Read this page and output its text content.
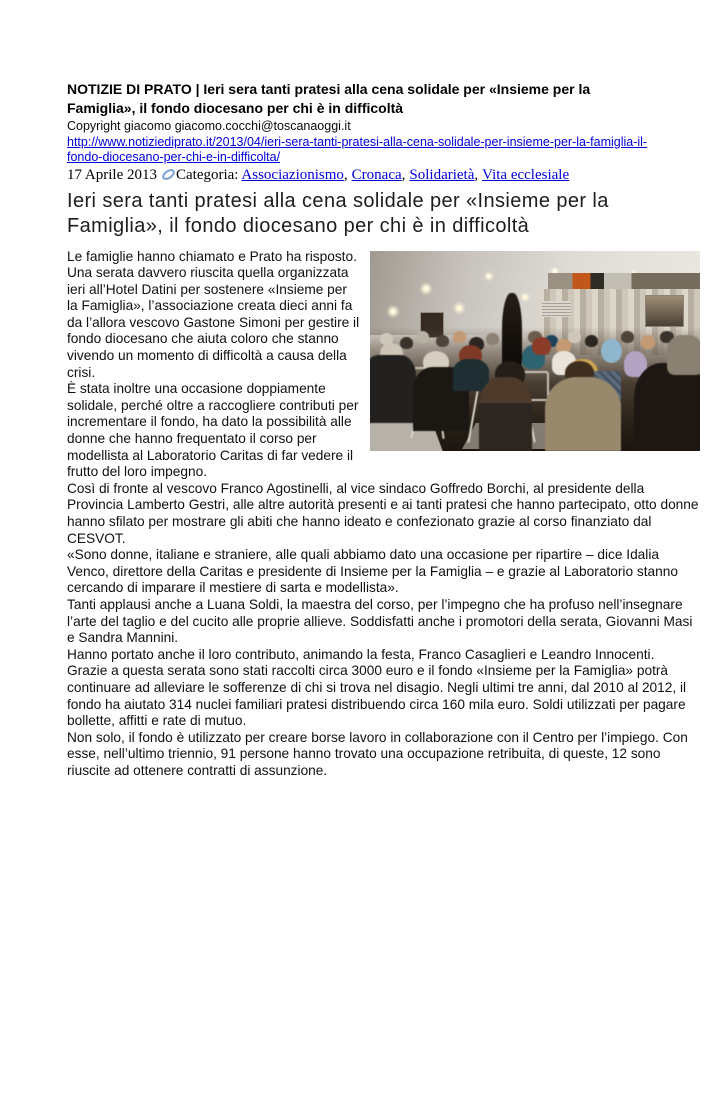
NOTIZIE DI PRATO | Ieri sera tanti pratesi alla cena solidale per «Insieme per la
Famiglia», il fondo diocesano per chi è in difficoltà
Copyright giacomo giacomo.cocchi@toscanaoggi.it
http://www.notiziediprato.it/2013/04/ieri-sera-tanti-pratesi-alla-cena-solidale-per-insieme-per-la-famiglia-il-
fondo-diocesano-per-chi-e-in-difficolta/
17 Aprile 2013 Categoria: Associazionismo, Cronaca, Solidarietà, Vita ecclesiale
Ieri sera tanti pratesi alla cena solidale per «Insieme per la
Famiglia», il fondo diocesano per chi è in difficoltà

Le famiglie hanno chiamato e Prato ha risposto. Una serata davvero riuscita quella organizzata ieri all’Hotel Datini per sostenere «Insieme per la Famiglia», l’associazione creata dieci anni fa da l’allora vescovo Gastone Simoni per gestire il fondo diocesano che aiuta coloro che stanno vivendo un momento di difficoltà a causa della crisi.

È stata inoltre una occasione doppiamente solidale, perché oltre a raccogliere contributi per incrementare il fondo, ha dato la possibilità alle donne che hanno frequentato il corso per modellista al Laboratorio Caritas di far vedere il frutto del loro impegno.

Così di fronte al vescovo Franco Agostinelli, al vice sindaco Goffredo Borchi, al presidente della Provincia Lamberto Gestri, alle altre autorità presenti e ai tanti pratesi che hanno partecipato, otto donne hanno sfilato per mostrare gli abiti che hanno ideato e confezionato grazie al corso finanziato dal CESVOT.

«Sono donne, italiane e straniere, alle quali abbiamo dato una occasione per ripartire – dice Idalia Venco, direttore della Caritas e presidente di Insieme per la Famiglia – e grazie al Laboratorio stanno cercando di imparare il mestiere di sarta e modellista».

Tanti applausi anche a Luana Soldi, la maestra del corso, per l’impegno che ha profuso nell’insegnare l’arte del taglio e del cucito alle proprie allieve. Soddisfatti anche i promotori della serata, Giovanni Masi e Sandra Mannini.

Hanno portato anche il loro contributo, animando la festa, Franco Casaglieri e Leandro Innocenti.

Grazie a questa serata sono stati raccolti circa 3000 euro e il fondo «Insieme per la Famiglia» potrà continuare ad alleviare le sofferenze di chi si trova nel disagio. Negli ultimi tre anni, dal 2010 al 2012, il fondo ha aiutato 314 nuclei familiari pratesi distribuendo circa 160 mila euro. Soldi utilizzati per pagare bollette, affitti e rate di mutuo.

Non solo, il fondo è utilizzato per creare borse lavoro in collaborazione con il Centro per l’impiego. Con esse, nell’ultimo triennio, 91 persone hanno trovato una occupazione retribuita, di queste, 12 sono riuscite ad ottenere contratti di assunzione.
